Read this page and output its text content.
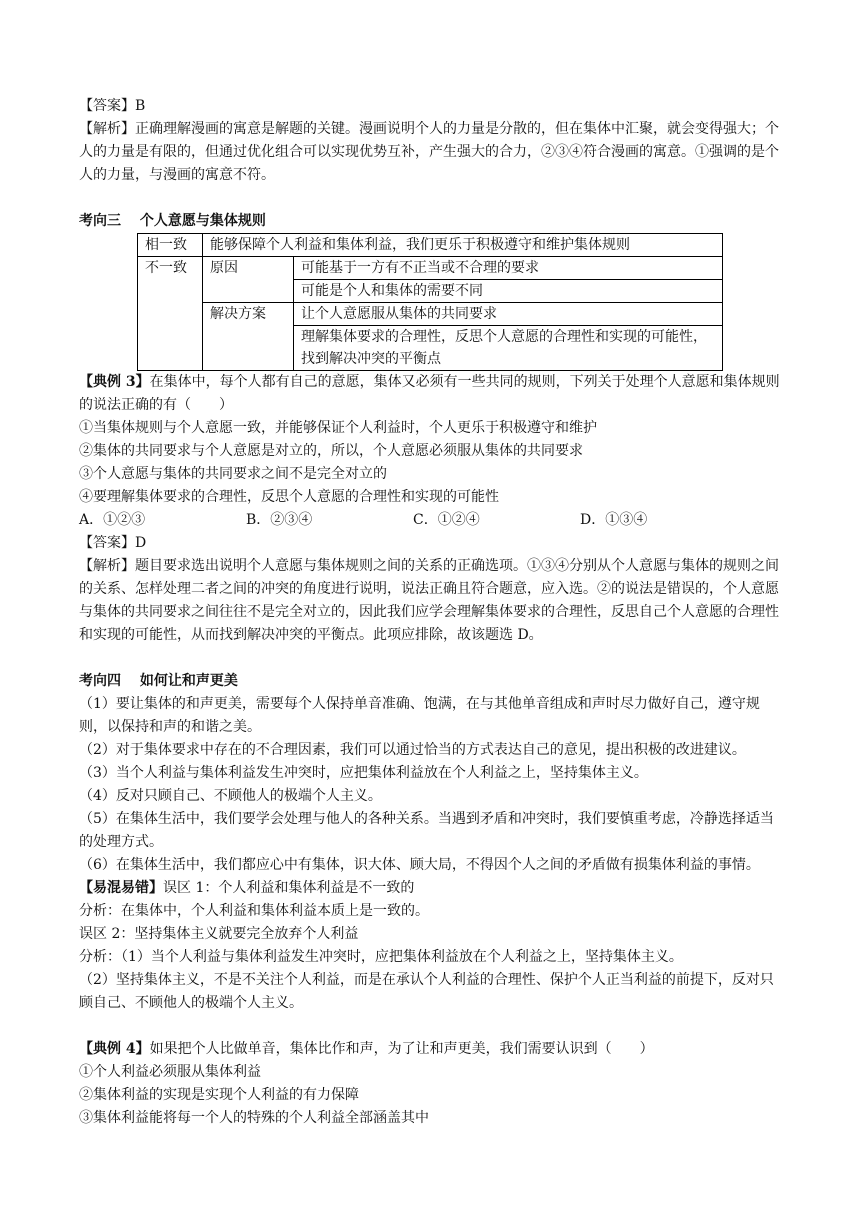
【答案】B

【解析】正确理解漫画的寓意是解题的关键。漫画说明个人的力量是分散的，但在集体中汇聚，就会变得强大；个人的力量是有限的，但通过优化组合可以实现优势互补，产生强大的合力，②③④符合漫画的寓意。①强调的是个人的力量，与漫画的寓意不符。

考向三　 个人意愿与集体规则

相一致	能够保障个人利益和集体利益，我们更乐于积极遵守和维护集体规则	
不一致	原因	可能基于一方有不正当或不合理的要求
		可能是个人和集体的需要不同
	解决方案	让个人意愿服从集体的共同要求
		理解集体要求的合理性，反思个人意愿的合理性和实现的可能性，找到解决冲突的平衡点

【典例 3】在集体中，每个人都有自己的意愿，集体又必须有一些共同的规则，下列关于处理个人意愿和集体规则的说法正确的有（　　）

①当集体规则与个人意愿一致，并能够保证个人利益时，个人更乐于积极遵守和维护

②集体的共同要求与个人意愿是对立的，所以，个人意愿必须服从集体的共同要求

③个人意愿与集体的共同要求之间不是完全对立的

④要理解集体要求的合理性，反思个人意愿的合理性和实现的可能性

A．①②③	B．②③④	C．①②④	D．①③④

【答案】D

【解析】题目要求选出说明个人意愿与集体规则之间的关系的正确选项。①③④分别从个人意愿与集体的规则之间的关系、怎样处理二者之间的冲突的角度进行说明，说法正确且符合题意，应入选。②的说法是错误的，个人意愿与集体的共同要求之间往往不是完全对立的，因此我们应学会理解集体要求的合理性，反思自己个人意愿的合理性和实现的可能性，从而找到解决冲突的平衡点。此项应排除，故该题选 D。

考向四　 如何让和声更美

（1）要让集体的和声更美，需要每个人保持单音准确、饱满，在与其他单音组成和声时尽力做好自己，遵守规则，以保持和声的和谐之美。

（2）对于集体要求中存在的不合理因素，我们可以通过恰当的方式表达自己的意见，提出积极的改进建议。

（3）当个人利益与集体利益发生冲突时，应把集体利益放在个人利益之上，坚持集体主义。

（4）反对只顾自己、不顾他人的极端个人主义。

（5）在集体生活中，我们要学会处理与他人的各种关系。当遇到矛盾和冲突时，我们要慎重考虑，冷静选择适当的处理方式。

（6）在集体生活中，我们都应心中有集体，识大体、顾大局，不得因个人之间的矛盾做有损集体利益的事情。

【易混易错】误区 1：个人利益和集体利益是不一致的

分析：在集体中，个人利益和集体利益本质上是一致的。

误区 2：坚持集体主义就要完全放弃个人利益

分析：（1）当个人利益与集体利益发生冲突时，应把集体利益放在个人利益之上，坚持集体主义。

（2）坚持集体主义，不是不关注个人利益，而是在承认个人利益的合理性、保护个人正当利益的前提下，反对只顾自己、不顾他人的极端个人主义。

【典例 4】如果把个人比做单音，集体比作和声，为了让和声更美，我们需要认识到（　　）

①个人利益必须服从集体利益

②集体利益的实现是实现个人利益的有力保障

③集体利益能将每一个人的特殊的个人利益全部涵盖其中
